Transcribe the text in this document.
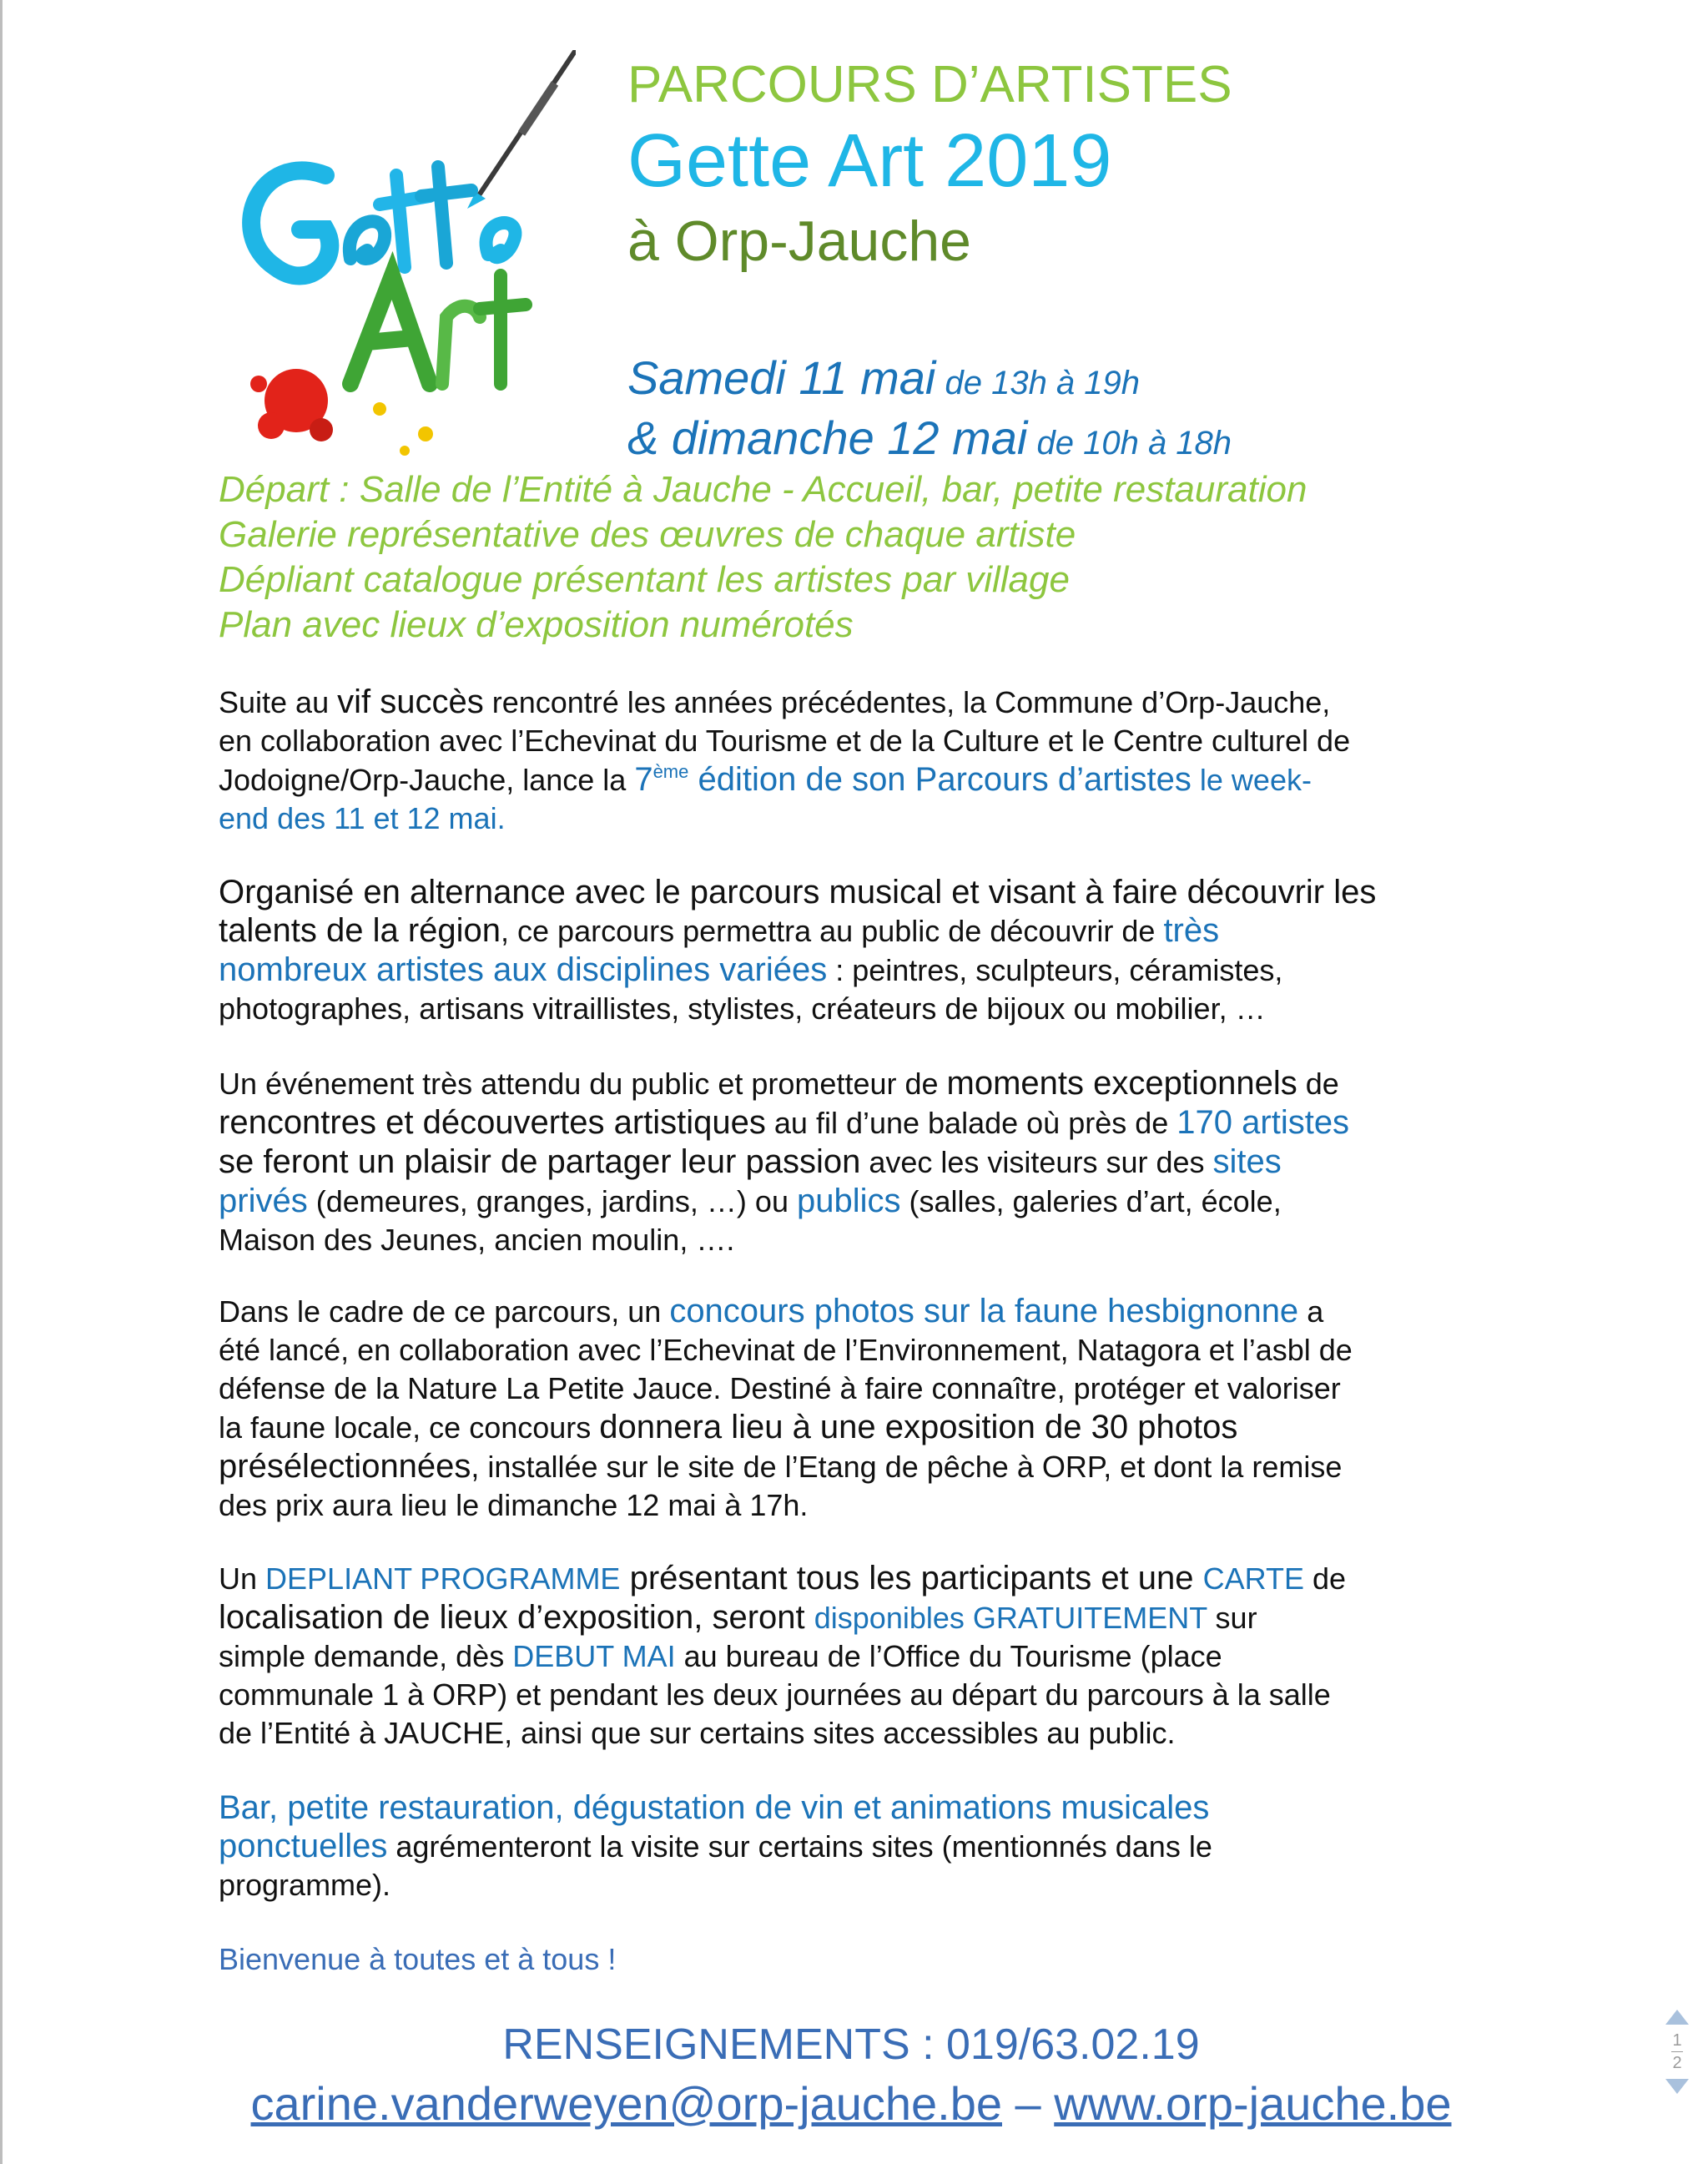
PARCOURS D’ARTISTES
Gette Art 2019
à Orp-Jauche
Samedi 11 mai de 13h à 19h
& dimanche 12 mai de 10h à 18h
Départ : Salle de l’Entité à Jauche - Accueil, bar, petite restauration
Galerie représentative des œuvres de chaque artiste
Dépliant catalogue présentant les artistes par village
Plan avec lieux d’exposition numérotés

Suite au vif succès rencontré les années précédentes, la Commune d’Orp-Jauche,

en collaboration avec l’Echevinat du Tourisme et de la Culture et le Centre culturel de

Jodoigne/Orp-Jauche, lance la 7ème édition de son Parcours d’artistes le week-

end des 11 et 12 mai.

Organisé en alternance avec le parcours musical et visant à faire découvrir les

talents de la région, ce parcours permettra au public de découvrir de très

nombreux artistes aux disciplines variées : peintres, sculpteurs, céramistes,

photographes, artisans vitraillistes, stylistes, créateurs de bijoux ou mobilier, …

Un événement très attendu du public et prometteur de moments exceptionnels de

rencontres et découvertes artistiques au fil d’une balade où près de 170 artistes

se feront un plaisir de partager leur passion avec les visiteurs sur des sites

privés (demeures, granges, jardins, …) ou publics (salles, galeries d’art, école,

Maison des Jeunes, ancien moulin, ….

Dans le cadre de ce parcours, un concours photos sur la faune hesbignonne a

été lancé, en collaboration avec l’Echevinat de l’Environnement, Natagora et l’asbl de

défense de la Nature La Petite Jauce. Destiné à faire connaître, protéger et valoriser

la faune locale, ce concours donnera lieu à une exposition de 30 photos

présélectionnées, installée sur le site de l’Etang de pêche à ORP, et dont la remise

des prix aura lieu le dimanche 12 mai à 17h.

Un DEPLIANT PROGRAMME présentant tous les participants et une CARTE de

localisation de lieux d’exposition, seront disponibles GRATUITEMENT sur

simple demande, dès DEBUT MAI au bureau de l’Office du Tourisme (place

communale 1 à ORP) et pendant les deux journées au départ du parcours à la salle

de l’Entité à JAUCHE, ainsi que sur certains sites accessibles au public.

Bar, petite restauration, dégustation de vin et animations musicales

ponctuelles agrémenteront la visite sur certains sites (mentionnés dans le

programme).

Bienvenue à toutes et à tous !

RENSEIGNEMENTS : 019/63.02.19
carine.vanderweyen@orp-jauche.be – www.orp-jauche.be
1
2
